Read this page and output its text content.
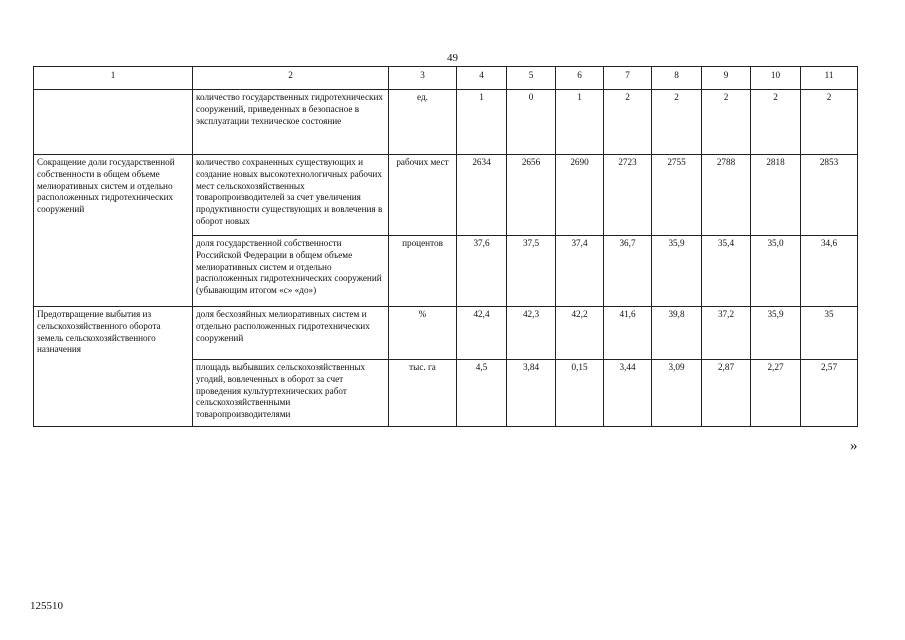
49
1	2	3	4	5	6	7	8	9	10	11
	количество государственных гидротехнических сооружений, приведенных в безопасное в эксплуатации техническое состояние	ед.	1	0	1	2	2	2	2	2
Сокращение доли государственной собственности в общем объеме мелиоративных систем и отдельно расположенных гидротехнических сооружений	количество сохраненных существующих и создание новых высокотехнологичных рабочих мест сельскохозяйственных товаропроизводителей за счет увеличения продуктивности существующих и вовлечения в оборот новых	рабочих мест	2634	2656	2690	2723	2755	2788	2818	2853
	доля государственной собственности Российской Федерации в общем объеме мелиоративных систем и отдельно расположенных гидротехнических сооружений (убывающим итогом «с» «до»)	процентов	37,6	37,5	37,4	36,7	35,9	35,4	35,0	34,6
Предотвращение выбытия из сельскохозяйственного оборота земель сельскохозяйственного назначения	доля бесхозяйных мелиоративных систем и отдельно расположенных гидротехнических сооружений	%	42,4	42,3	42,2	41,6	39,8	37,2	35,9	35
	площадь выбывших сельскохозяйственных угодий, вовлеченных в оборот за счет проведения культуртехнических работ сельскохозяйственными товаропроизводителями	тыс. га	4,5	3,84	0,15	3,44	3,09	2,87	2,27	2,57
»
125510
